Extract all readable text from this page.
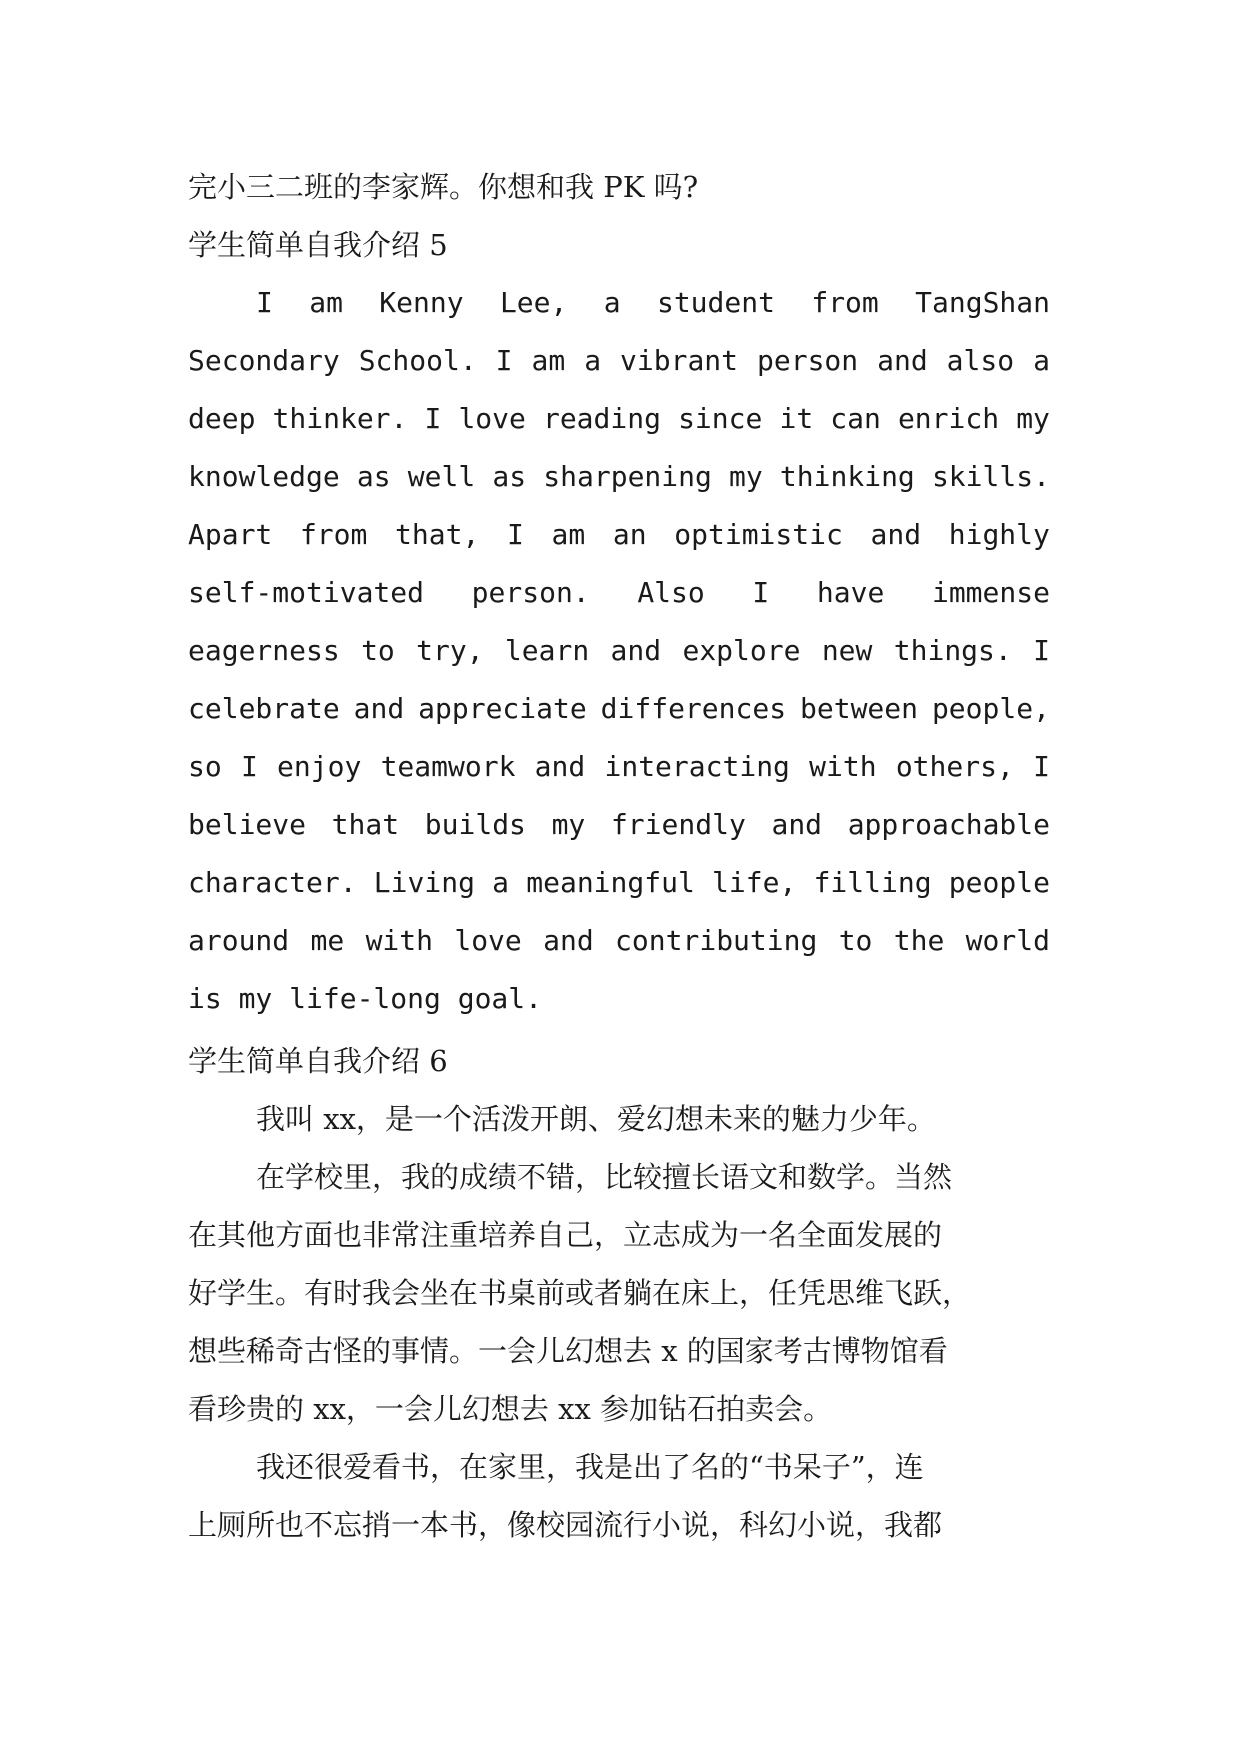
完小三二班的李家辉。你想和我 PK 吗?
学生简单自我介绍 5
I am Kenny Lee, a student from TangShan
Secondary School. I am a vibrant person and also a
deep thinker. I love reading since it can enrich my
knowledge as well as sharpening my thinking skills.
Apart from that, I am an optimistic and highly
self-motivated person. Also I have immense
eagerness to try, learn and explore new things. I
celebrate and appreciate differences between people,
so I enjoy teamwork and interacting with others, I
believe that builds my friendly and approachable
character. Living a meaningful life, filling people
around me with love and contributing to the world
is my life-long goal.
学生简单自我介绍 6
我叫 xx，是一个活泼开朗、爱幻想未来的魅力少年。
在学校里，我的成绩不错，比较擅长语文和数学。当然
在其他方面也非常注重培养自己，立志成为一名全面发展的
好学生。有时我会坐在书桌前或者躺在床上，任凭思维飞跃，
想些稀奇古怪的事情。一会儿幻想去 x 的国家考古博物馆看
看珍贵的 xx，一会儿幻想去 xx 参加钻石拍卖会。
我还很爱看书，在家里，我是出了名的“书呆子”，连
上厕所也不忘捎一本书，像校园流行小说，科幻小说，我都
